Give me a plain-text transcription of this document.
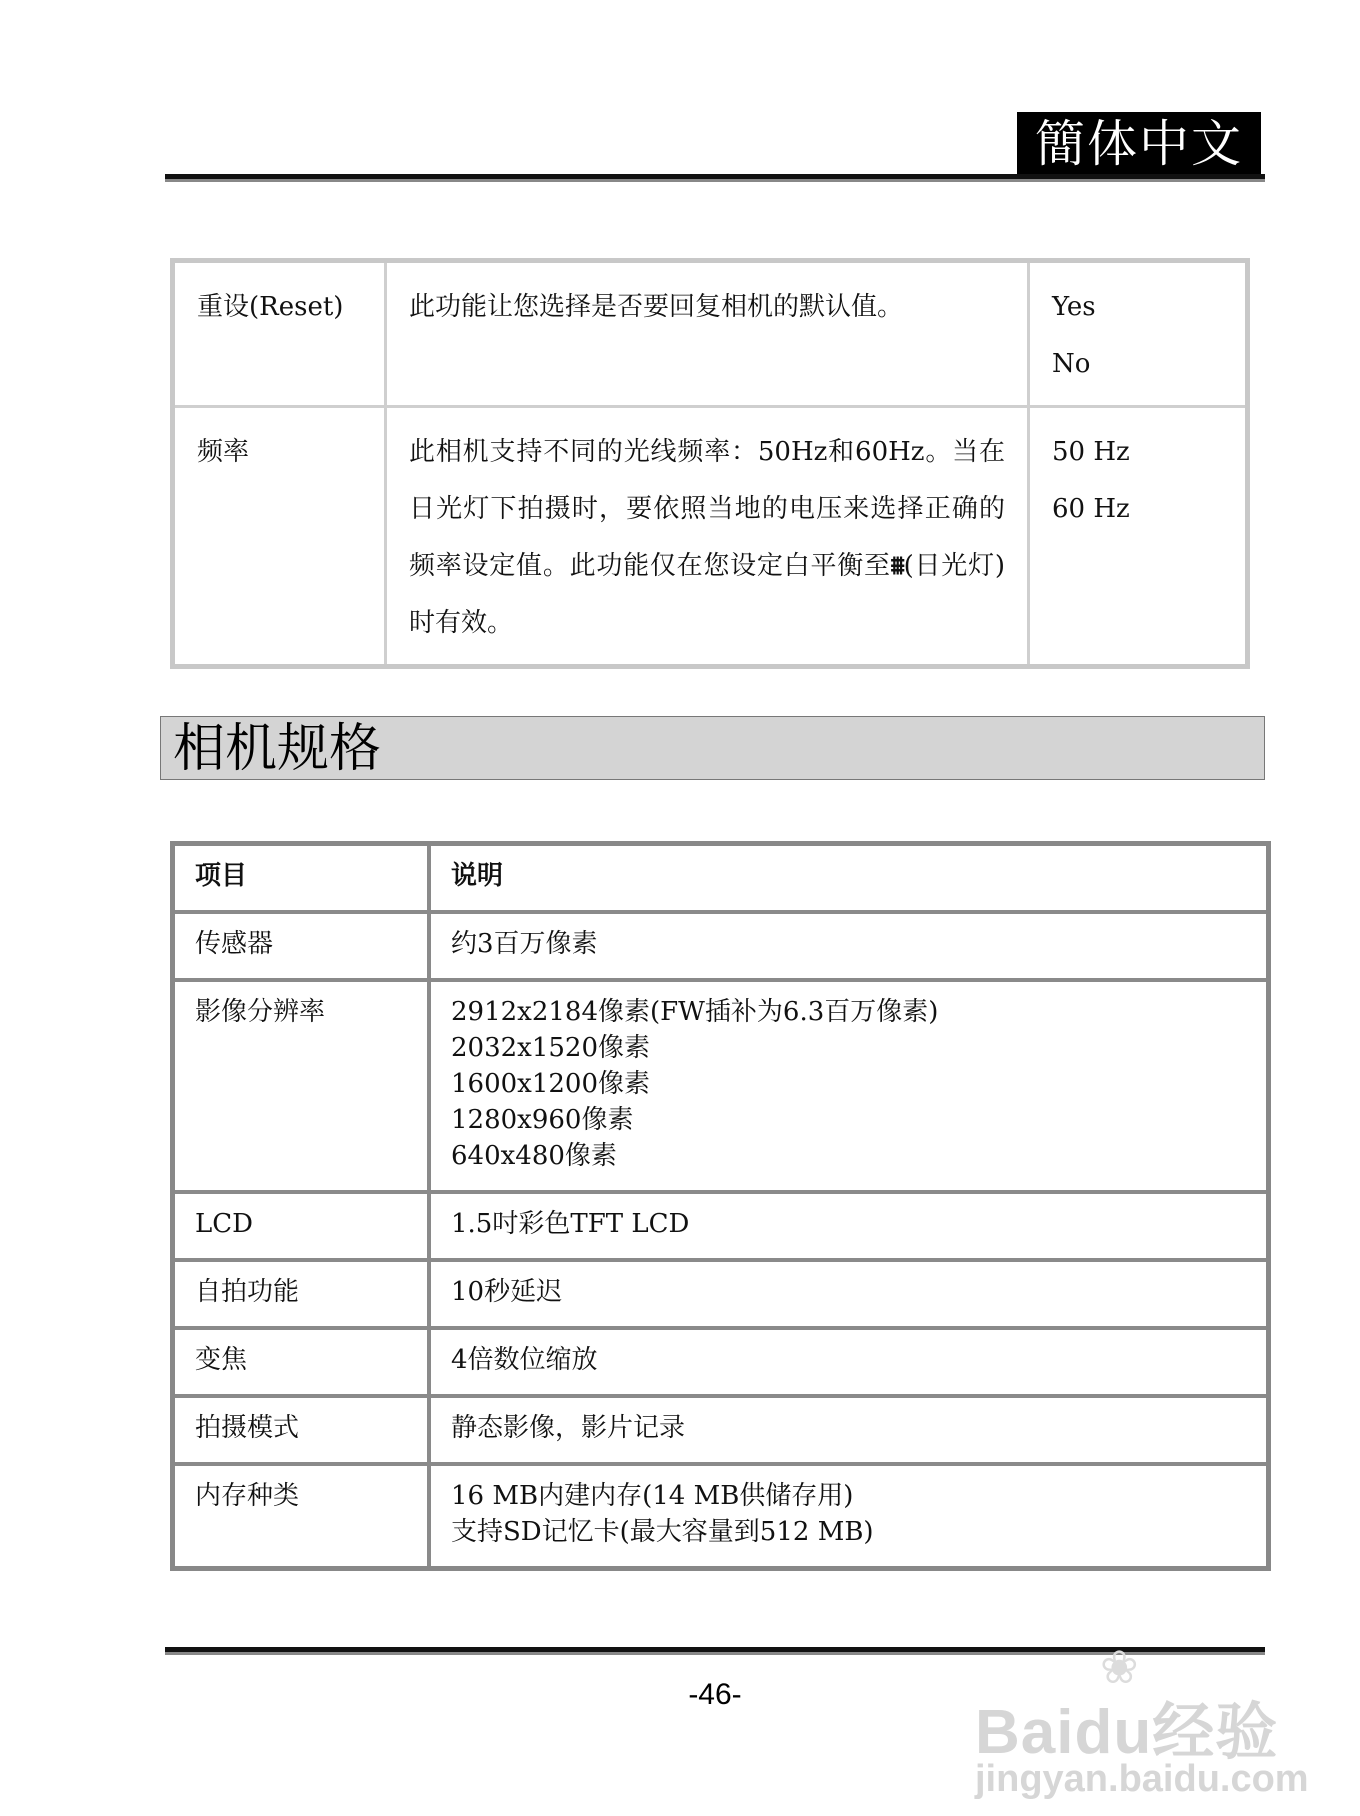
簡体中文
重设(Reset)	此功能让您选择是否要回复相机的默认值。	Yes
No

频率	此相机支持不同的光线频率：50Hz和60Hz。当在日光灯下拍摄时，要依照当地的电压来选择正确的频率设定值。此功能仅在您设定白平衡至⩩(日光灯)时有效。	50 Hz
60 Hz
相机规格
项目	说明
传感器	约3百万像素

影像分辨率	2912x2184像素(FW插补为6.3百万像素)
2032x1520像素
1600x1200像素
1280x960像素
640x480像素

LCD	1.5吋彩色TFT LCD

自拍功能	10秒延迟

变焦	4倍数位缩放

拍摄模式	静态影像，影片记录

内存种类	16 MB内建内存(14 MB供储存用)
支持SD记忆卡(最大容量到512 MB)
-46-
❀
Baidu经验
jingyan.baidu.com
